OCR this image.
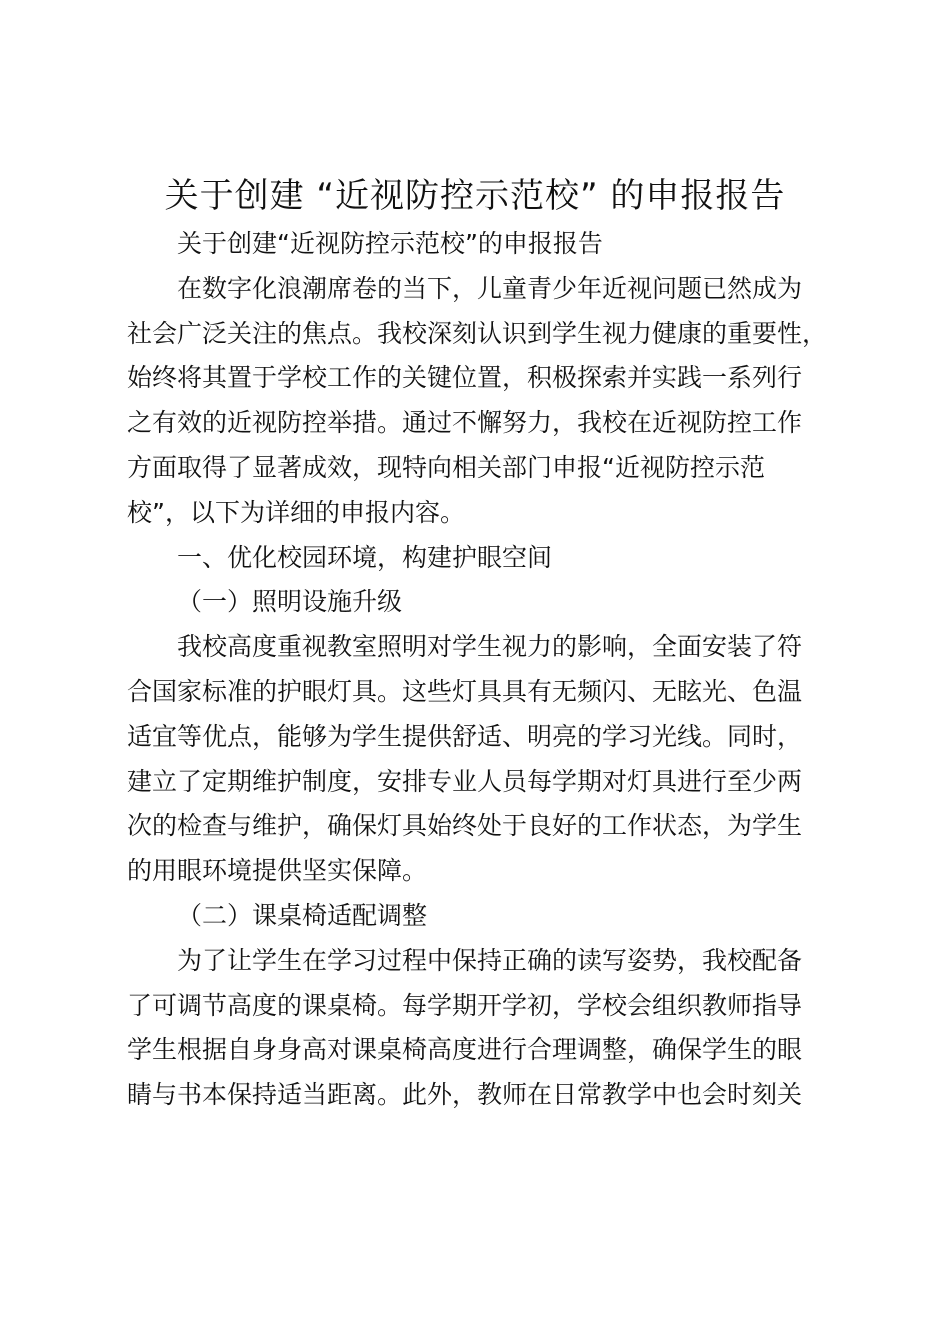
关于创建 “近视防控示范校” 的申报报告
关于创建“近视防控示范校”的申报报告
在数字化浪潮席卷的当下，儿童青少年近视问题已然成为
社会广泛关注的焦点。我校深刻认识到学生视力健康的重要性，
始终将其置于学校工作的关键位置，积极探索并实践一系列行
之有效的近视防控举措。通过不懈努力，我校在近视防控工作
方面取得了显著成效，现特向相关部门申报“近视防控示范
校”，以下为详细的申报内容。
一、优化校园环境，构建护眼空间
（一）照明设施升级
我校高度重视教室照明对学生视力的影响，全面安装了符
合国家标准的护眼灯具。这些灯具具有无频闪、无眩光、色温
适宜等优点，能够为学生提供舒适、明亮的学习光线。同时，
建立了定期维护制度，安排专业人员每学期对灯具进行至少两
次的检查与维护，确保灯具始终处于良好的工作状态，为学生
的用眼环境提供坚实保障。
（二）课桌椅适配调整
为了让学生在学习过程中保持正确的读写姿势，我校配备
了可调节高度的课桌椅。每学期开学初，学校会组织教师指导
学生根据自身身高对课桌椅高度进行合理调整，确保学生的眼
睛与书本保持适当距离。此外，教师在日常教学中也会时刻关
